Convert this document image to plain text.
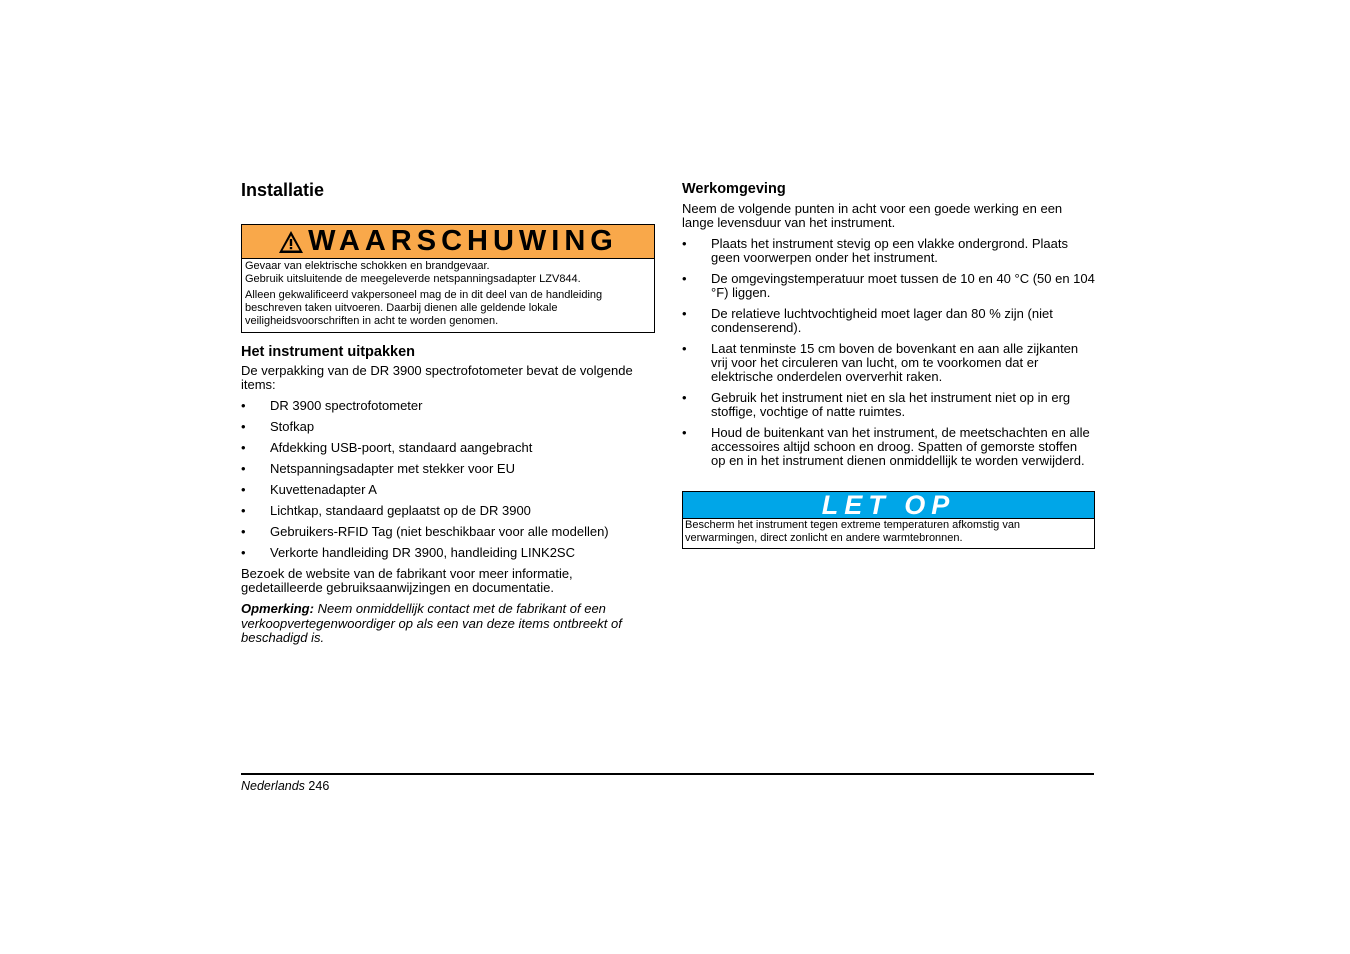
Installatie
WAARSCHUWING

Gevaar van elektrische schokken en brandgevaar.
Gebruik uitsluitende de meegeleverde netspanningsadapter LZV844.

Alleen gekwalificeerd vakpersoneel mag de in dit deel van de handleiding beschreven taken uitvoeren. Daarbij dienen alle geldende lokale veiligheidsvoorschriften in acht te worden genomen.

Het instrument uitpakken

De verpakking van de DR 3900 spectrofotometer bevat de volgende items:

• DR 3900 spectrofotometer
• Stofkap
• Afdekking USB-poort, standaard aangebracht
• Netspanningsadapter met stekker voor EU
• Kuvettenadapter A
• Lichtkap, standaard geplaatst op de DR 3900
• Gebruikers-RFID Tag (niet beschikbaar voor alle modellen)
• Verkorte handleiding DR 3900, handleiding LINK2SC

Bezoek de website van de fabrikant voor meer informatie, gedetailleerde gebruiksaanwijzingen en documentatie.

Opmerking: Neem onmiddellijk contact met de fabrikant of een verkoopvertegenwoordiger op als een van deze items ontbreekt of beschadigd is.

Werkomgeving

Neem de volgende punten in acht voor een goede werking en een lange levensduur van het instrument.

• Plaats het instrument stevig op een vlakke ondergrond. Plaats geen voorwerpen onder het instrument.
• De omgevingstemperatuur moet tussen de 10 en 40 °C (50 en 104 °F) liggen.
• De relatieve luchtvochtigheid moet lager dan 80 % zijn (niet condenserend).
• Laat tenminste 15 cm boven de bovenkant en aan alle zijkanten vrij voor het circuleren van lucht, om te voorkomen dat er elektrische onderdelen oververhit raken.
• Gebruik het instrument niet en sla het instrument niet op in erg stoffige, vochtige of natte ruimtes.
• Houd de buitenkant van het instrument, de meetschachten en alle accessoires altijd schoon en droog. Spatten of gemorste stoffen op en in het instrument dienen onmiddellijk te worden verwijderd.
LET OP
Bescherm het instrument tegen extreme temperaturen afkomstig van verwarmingen, direct zonlicht en andere warmtebronnen.
Nederlands 246
